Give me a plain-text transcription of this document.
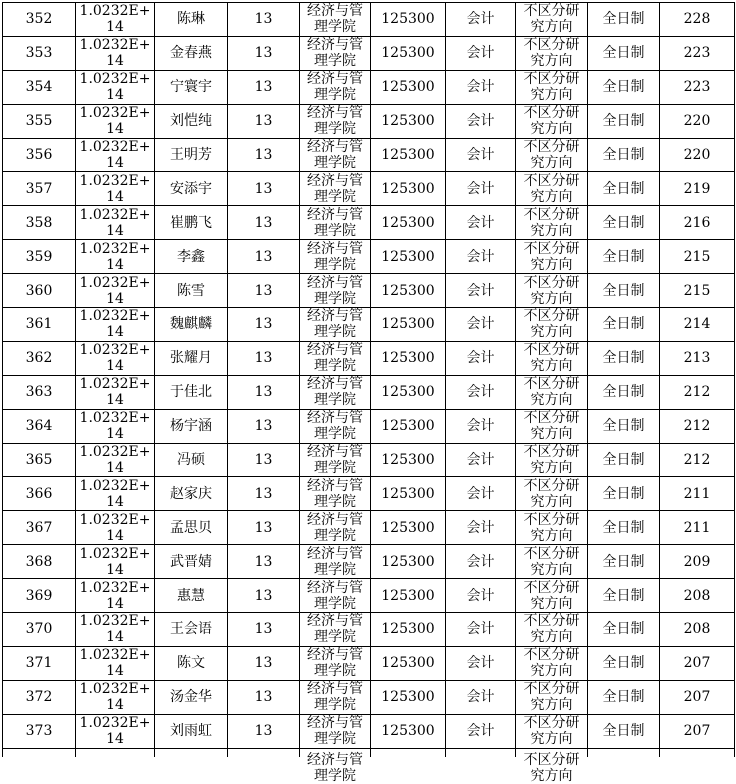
352	1.0232E+14	陈琳	13	经济与管理学院	125300	会计	不区分研究方向	全日制	228
353	1.0232E+14	金春燕	13	经济与管理学院	125300	会计	不区分研究方向	全日制	223
354	1.0232E+14	宁寰宇	13	经济与管理学院	125300	会计	不区分研究方向	全日制	223
355	1.0232E+14	刘恺纯	13	经济与管理学院	125300	会计	不区分研究方向	全日制	220
356	1.0232E+14	王明芳	13	经济与管理学院	125300	会计	不区分研究方向	全日制	220
357	1.0232E+14	安添宇	13	经济与管理学院	125300	会计	不区分研究方向	全日制	219
358	1.0232E+14	崔鹏飞	13	经济与管理学院	125300	会计	不区分研究方向	全日制	216
359	1.0232E+14	李鑫	13	经济与管理学院	125300	会计	不区分研究方向	全日制	215
360	1.0232E+14	陈雪	13	经济与管理学院	125300	会计	不区分研究方向	全日制	215
361	1.0232E+14	魏麒麟	13	经济与管理学院	125300	会计	不区分研究方向	全日制	214
362	1.0232E+14	张耀月	13	经济与管理学院	125300	会计	不区分研究方向	全日制	213
363	1.0232E+14	于佳北	13	经济与管理学院	125300	会计	不区分研究方向	全日制	212
364	1.0232E+14	杨宇涵	13	经济与管理学院	125300	会计	不区分研究方向	全日制	212
365	1.0232E+14	冯硕	13	经济与管理学院	125300	会计	不区分研究方向	全日制	212
366	1.0232E+14	赵家庆	13	经济与管理学院	125300	会计	不区分研究方向	全日制	211
367	1.0232E+14	孟思贝	13	经济与管理学院	125300	会计	不区分研究方向	全日制	211
368	1.0232E+14	武晋婧	13	经济与管理学院	125300	会计	不区分研究方向	全日制	209
369	1.0232E+14	惠慧	13	经济与管理学院	125300	会计	不区分研究方向	全日制	208
370	1.0232E+14	王会语	13	经济与管理学院	125300	会计	不区分研究方向	全日制	208
371	1.0232E+14	陈文	13	经济与管理学院	125300	会计	不区分研究方向	全日制	207
372	1.0232E+14	汤金华	13	经济与管理学院	125300	会计	不区分研究方向	全日制	207
373	1.0232E+14	刘雨虹	13	经济与管理学院	125300	会计	不区分研究方向	全日制	207

				经济与管理学院			不区分研究方向		
